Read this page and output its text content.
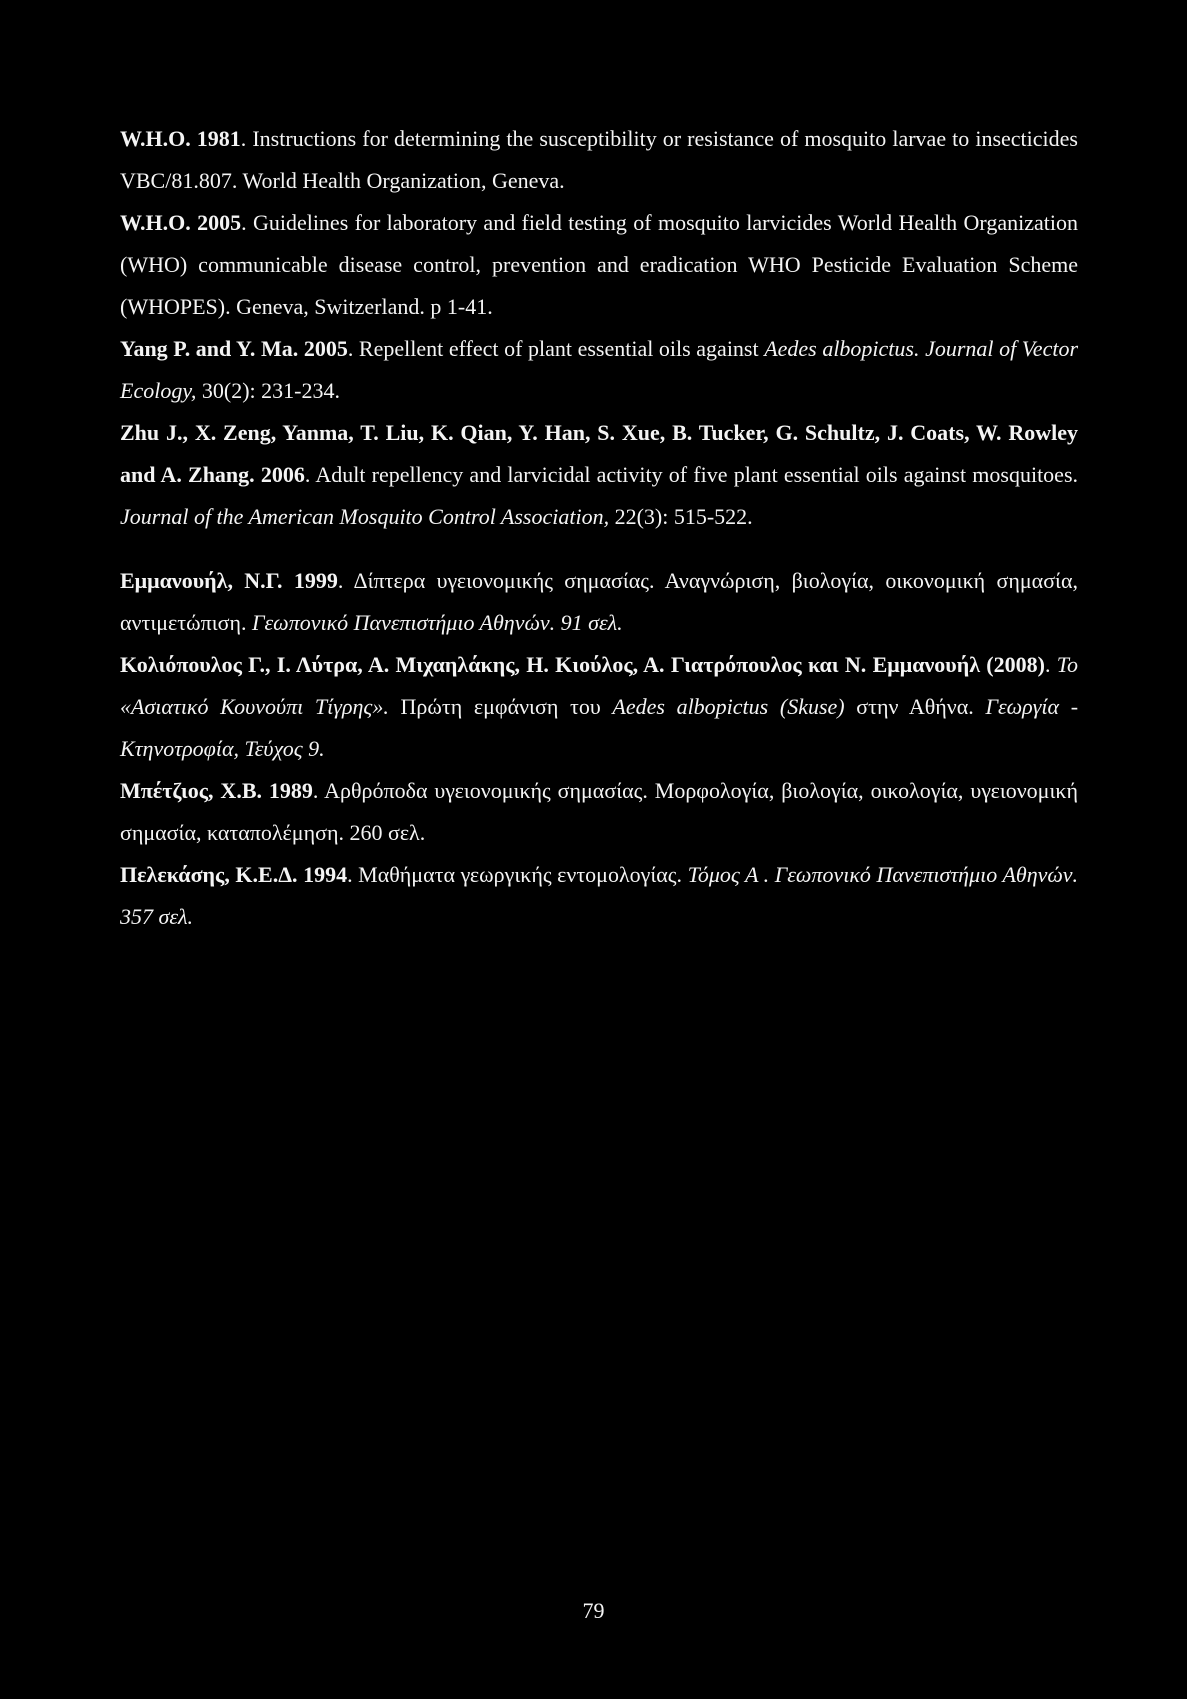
W.H.O. 1981. Instructions for determining the susceptibility or resistance of mosquito larvae to insecticides VBC/81.807. World Health Organization, Geneva.

W.H.O. 2005. Guidelines for laboratory and field testing of mosquito larvicides World Health Organization (WHO) communicable disease control, prevention and eradication WHO Pesticide Evaluation Scheme (WHOPES). Geneva, Switzerland. p 1-41.

Yang P. and Y. Ma. 2005. Repellent effect of plant essential oils against Aedes albopictus. Journal of Vector Ecology, 30(2): 231-234.

Zhu J., X. Zeng, Yanma, T. Liu, K. Qian, Y. Han, S. Xue, B. Tucker, G. Schultz, J. Coats, W. Rowley and A. Zhang. 2006. Adult repellency and larvicidal activity of five plant essential oils against mosquitoes. Journal of the American Mosquito Control Association, 22(3): 515-522.

Εμμανουήλ, Ν.Γ. 1999. Δίπτερα υγειονομικής σημασίας. Αναγνώριση, βιολογία, οικονομική σημασία, αντιμετώπιση. Γεωπονικό Πανεπιστήμιο Αθηνών. 91 σελ.

Κολιόπουλος Γ., Ι. Λύτρα, Α. Μιχαηλάκης, Η. Κιούλος, Α. Γιατρόπουλος και Ν. Εμμανουήλ (2008). Το «Ασιατικό Κουνούπι Τίγρης». Πρώτη εμφάνιση του Aedes albopictus (Skuse) στην Αθήνα. Γεωργία - Κτηνοτροφία, Τεύχος 9.

Μπέτζιος, Χ.Β. 1989. Αρθρόποδα υγειονομικής σημασίας. Μορφολογία, βιολογία, οικολογία, υγειονομική σημασία, καταπολέμηση. 260 σελ.

Πελεκάσης, Κ.Ε.Δ. 1994. Μαθήματα γεωργικής εντομολογίας. Τόμος Α . Γεωπονικό Πανεπιστήμιο Αθηνών. 357 σελ.

79
